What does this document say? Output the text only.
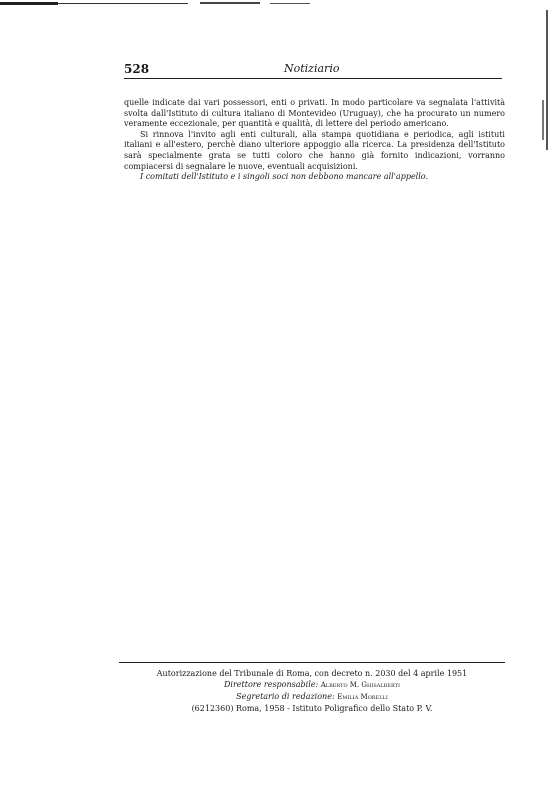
528	Notiziario

quelle indicate dai vari possessori, enti o privati. In modo particolare va segnalata l'attività svolta dall'Istituto di cultura italiano di Montevideo (Uruguay), che ha procurato un numero veramente eccezionale, per quantità e qualità, di lettere del periodo americano.

Si rinnova l'invito agli enti culturali, alla stampa quotidiana e periodica, agli istituti italiani e all'estero, perchè diano ulteriore appoggio alla ricerca. La presidenza dell'Istituto sarà specialmente grata se tutti coloro che hanno già fornito indicazioni, vorranno compiacersi di segnalare le nuove, eventuali acquisizioni.

I comitati dell'Istituto e i singoli soci non debbono mancare all'appello.

Autorizzazione del Tribunale di Roma, con decreto n. 2030 del 4 aprile 1951
Direttore responsabile: Alberto M. Ghisalberti
Segretario di redazione: Emilia Morelli
(6212360) Roma, 1958 - Istituto Poligrafico dello Stato P. V.
